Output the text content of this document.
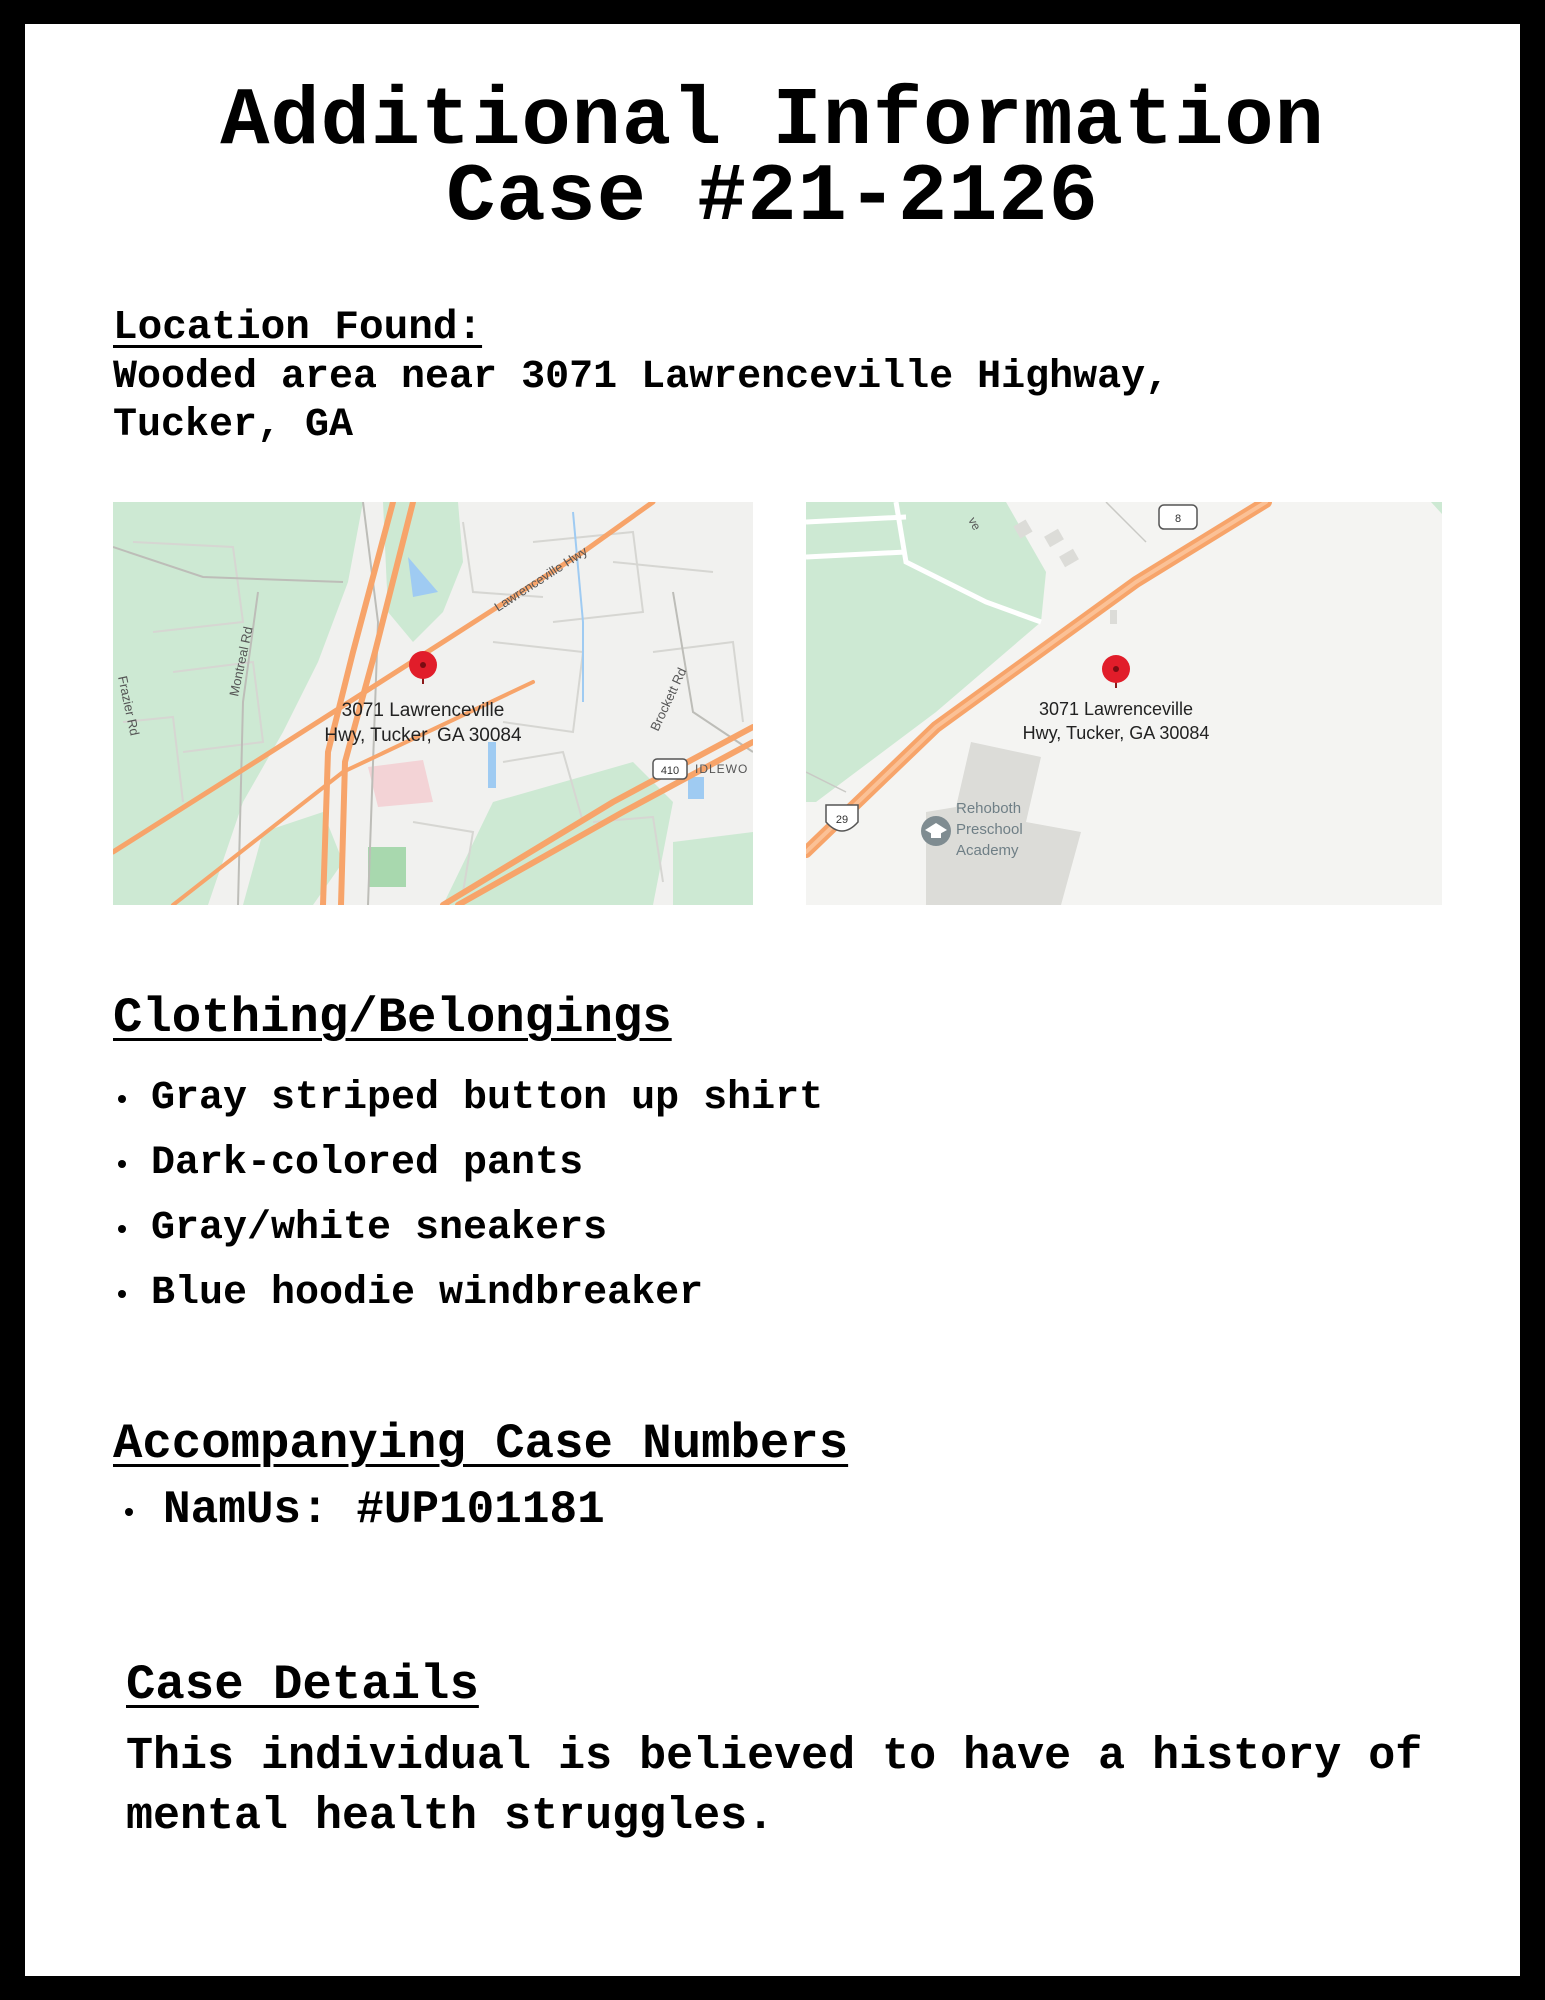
Additional Information
Case #21-2126
Location Found:
Wooded area near 3071 Lawrenceville Highway,
Tucker, GA
Lawrenceville Hwy
Montreal Rd
Frazier Rd	Brockett Rd
410 IDLEWO
3071 Lawrenceville
Hwy, Tucker, GA 30084
8
29
ve
Rehoboth
Preschool
Academy
3071 Lawrenceville
Hwy, Tucker, GA 30084
Clothing/Belongings
Gray striped button up shirt
Dark-colored pants
Gray/white sneakers
Blue hoodie windbreaker
Accompanying Case Numbers
NamUs: #UP101181
Case Details
This individual is believed to have a history of mental health struggles.
